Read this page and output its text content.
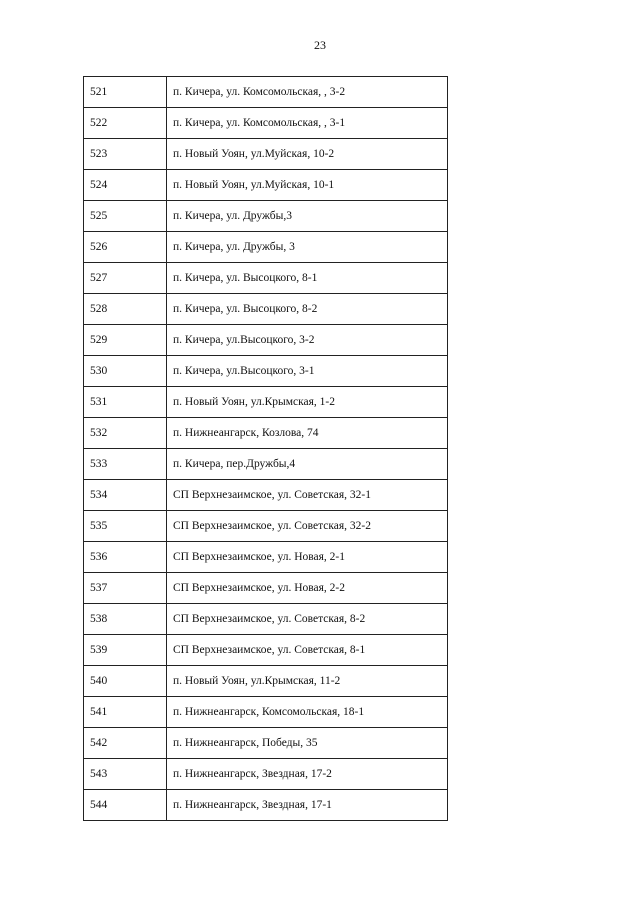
23
521	п. Кичера, ул. Комсомольская, , 3-2
522	п. Кичера, ул. Комсомольская, , 3-1
523	п. Новый Уоян, ул.Муйская, 10-2
524	п. Новый Уоян, ул.Муйская, 10-1
525	п. Кичера, ул. Дружбы,3
526	п. Кичера, ул. Дружбы, 3
527	п. Кичера, ул. Высоцкого, 8-1
528	п. Кичера, ул. Высоцкого, 8-2
529	п. Кичера, ул.Высоцкого, 3-2
530	п. Кичера, ул.Высоцкого, 3-1
531	п. Новый Уоян, ул.Крымская, 1-2
532	п. Нижнеангарск, Козлова, 74
533	п. Кичера, пер.Дружбы,4
534	СП Верхнезаимское, ул. Советская, 32-1
535	СП Верхнезаимское, ул. Советская, 32-2
536	СП Верхнезаимское, ул. Новая, 2-1
537	СП Верхнезаимское, ул. Новая, 2-2
538	СП Верхнезаимское, ул. Советская, 8-2
539	СП Верхнезаимское, ул. Советская, 8-1
540	п. Новый Уоян, ул.Крымская, 11-2
541	п. Нижнеангарск, Комсомольская, 18-1
542	п. Нижнеангарск, Победы, 35
543	п. Нижнеангарск, Звездная, 17-2
544	п. Нижнеангарск, Звездная, 17-1
